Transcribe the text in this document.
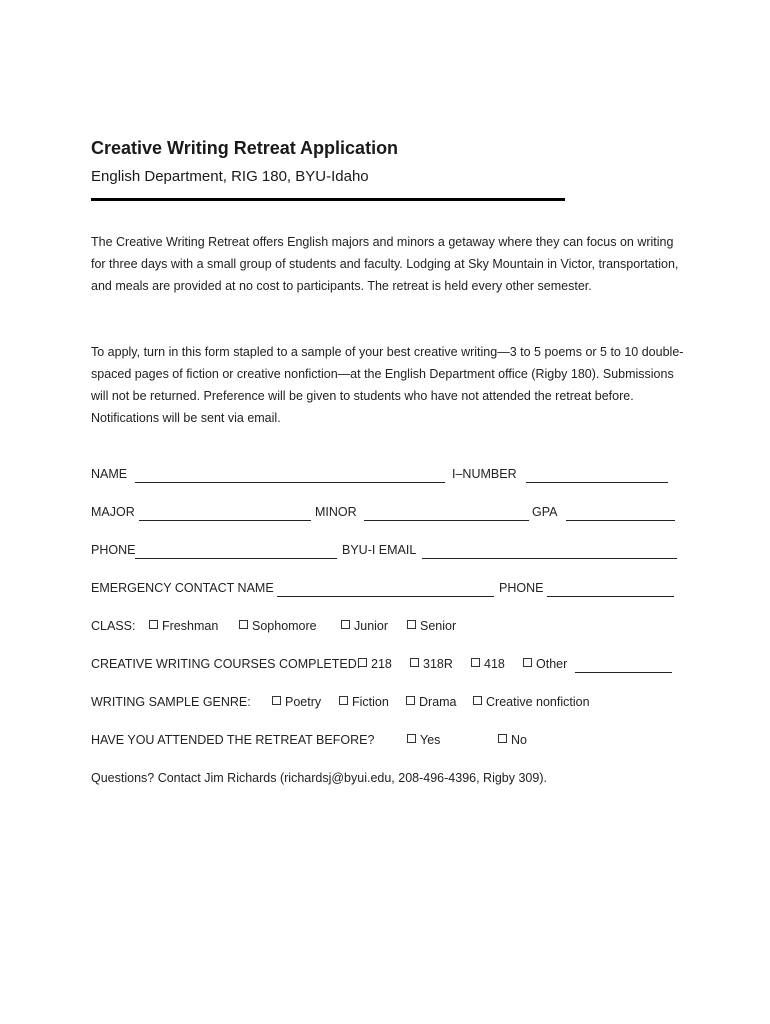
Creative Writing Retreat Application
English Department, RIG 180, BYU-Idaho
The Creative Writing Retreat offers English majors and minors a getaway where they can focus on writing for three days with a small group of students and faculty. Lodging at Sky Mountain in Victor, transportation, and meals are provided at no cost to participants. The retreat is held every other semester.
To apply, turn in this form stapled to a sample of your best creative writing—3 to 5 poems or 5 to 10 double-spaced pages of fiction or creative nonfiction—at the English Department office (Rigby 180). Submissions will not be returned. Preference will be given to students who have not attended the retreat before. Notifications will be sent via email.
NAME	I–NUMBER
MAJOR	MINOR	GPA
PHONE	BYU-I EMAIL
EMERGENCY CONTACT NAME	PHONE
CLASS:	Freshman	Sophomore	Junior	Senior
CREATIVE WRITING COURSES COMPLETED: 218	318R	418	Other
WRITING SAMPLE GENRE:	Poetry	Fiction	Drama	Creative nonfiction
HAVE YOU ATTENDED THE RETREAT BEFORE?	Yes	No
Questions? Contact Jim Richards (richardsj@byui.edu, 208-496-4396, Rigby 309).
